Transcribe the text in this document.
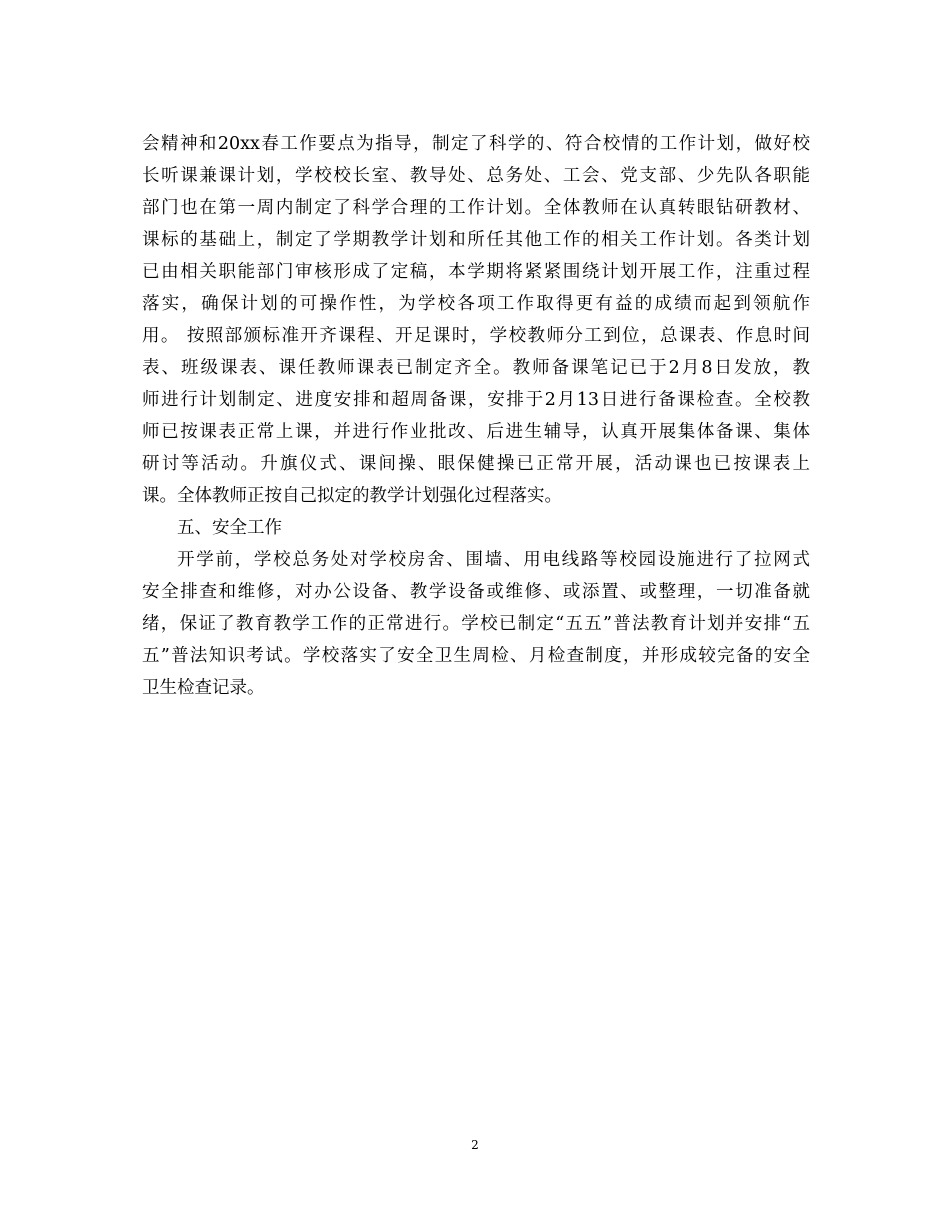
会精神和20xx春工作要点为指导，制定了科学的、符合校情的工作计划，做好校
长听课兼课计划，学校校长室、教导处、总务处、工会、党支部、少先队各职能
部门也在第一周内制定了科学合理的工作计划。全体教师在认真转眼钻研教材、
课标的基础上，制定了学期教学计划和所任其他工作的相关工作计划。各类计划
已由相关职能部门审核形成了定稿，本学期将紧紧围绕计划开展工作，注重过程
落实，确保计划的可操作性，为学校各项工作取得更有益的成绩而起到领航作
用。 按照部颁标准开齐课程、开足课时，学校教师分工到位，总课表、作息时间
表、班级课表、课任教师课表已制定齐全。教师备课笔记已于2月8日发放，教
师进行计划制定、进度安排和超周备课，安排于2月13日进行备课检查。全校教
师已按课表正常上课，并进行作业批改、后进生辅导，认真开展集体备课、集体
研讨等活动。升旗仪式、课间操、眼保健操已正常开展，活动课也已按课表上
课。全体教师正按自己拟定的教学计划强化过程落实。
五、安全工作
开学前，学校总务处对学校房舍、围墙、用电线路等校园设施进行了拉网式
安全排查和维修，对办公设备、教学设备或维修、或添置、或整理，一切准备就
绪，保证了教育教学工作的正常进行。学校已制定“五五”普法教育计划并安排“五
五”普法知识考试。学校落实了安全卫生周检、月检查制度，并形成较完备的安全
卫生检查记录。
2
